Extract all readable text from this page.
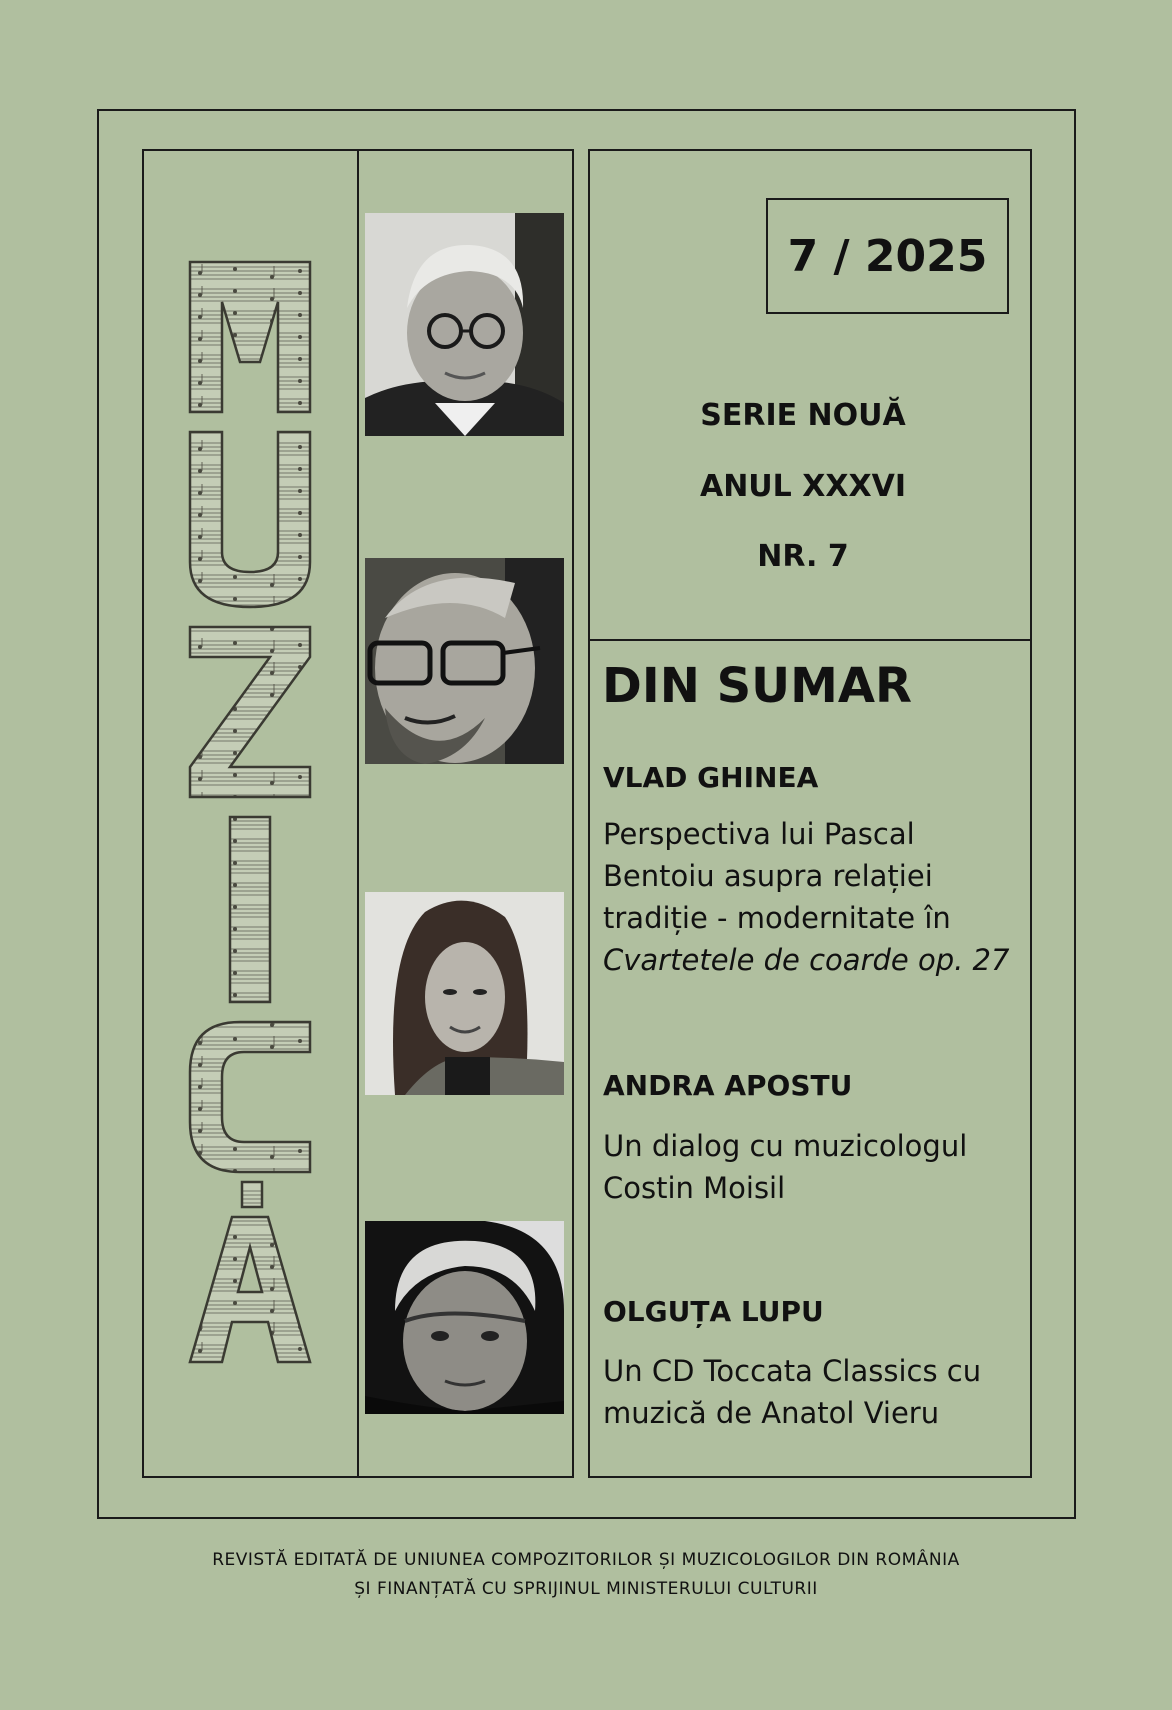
7 / 2025
SERIE NOUĂ
ANUL XXXVI
NR. 7
DIN SUMAR
VLAD GHINEA
Perspectiva lui Pascal
Bentoiu asupra relației
tradiție - modernitate în
Cvartetele de coarde op. 27
ANDRA APOSTU
Un dialog cu muzicologul
Costin Moisil
OLGUȚA LUPU
Un CD Toccata Classics cu
muzică de Anatol Vieru
REVISTĂ EDITATĂ DE UNIUNEA COMPOZITORILOR ȘI MUZICOLOGILOR DIN ROMÂNIA
ȘI FINANȚATĂ CU SPRIJINUL MINISTERULUI CULTURII
